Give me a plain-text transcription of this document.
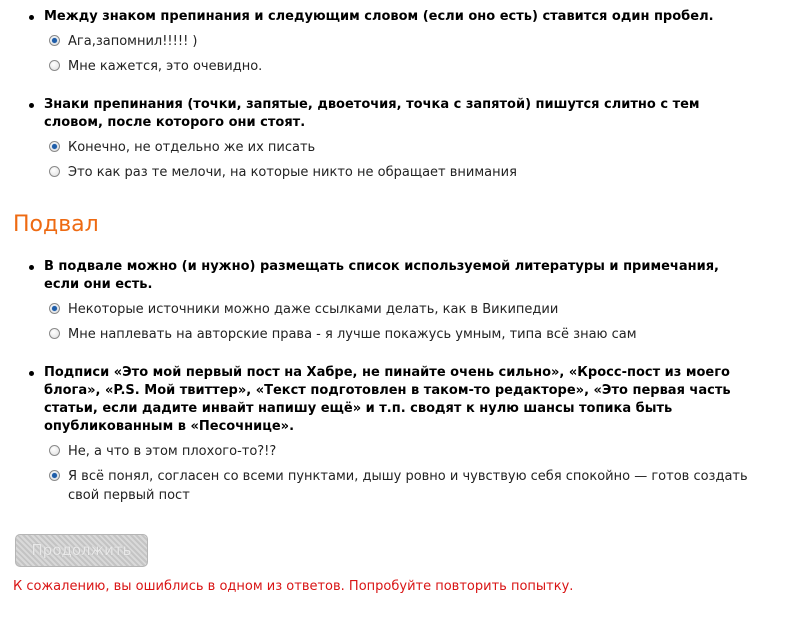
Между знаком препинания и следующим словом (если оно есть) ставится один пробел.
Ага,запомнил!!!!! )
Мне кажется, это очевидно.
Знаки препинания (точки, запятые, двоеточия, точка с запятой) пишутся слитно с тем словом, после которого они стоят.
Конечно, не отдельно же их писать
Это как раз те мелочи, на которые никто не обращает внимания
Подвал
В подвале можно (и нужно) размещать список используемой литературы и примечания, если они есть.
Некоторые источники можно даже ссылками делать, как в Википедии
Мне наплевать на авторские права - я лучше покажусь умным, типа всё знаю сам
Подписи «Это мой первый пост на Хабре, не пинайте очень сильно», «Кросс-пост из моего блога», «P.S. Мой твиттер», «Текст подготовлен в таком-то редакторе», «Это первая часть статьи, если дадите инвайт напишу ещё» и т.п. сводят к нулю шансы топика быть опубликованным в «Песочнице».
Не, а что в этом плохого-то?!?
Я всё понял, согласен со всеми пунктами, дышу ровно и чувствую себя спокойно — готов создать свой первый пост
Продолжить
К сожалению, вы ошиблись в одном из ответов. Попробуйте повторить попытку.
